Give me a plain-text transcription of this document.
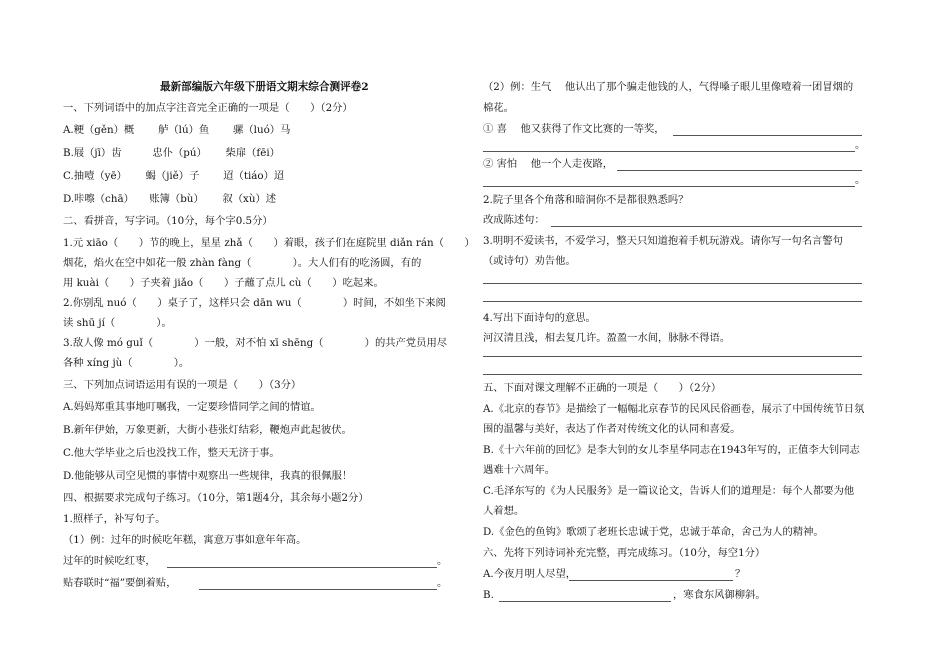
最新部编版六年级下册语文期末综合测评卷2
一、下列词语中的加点字注音完全正确的一项是（　　）（2分）
A.粳（gěn）概　　 舻（lú）鱼　　 骡（luó）马
B.屐（jī）齿　　　忠仆（pú）　　 柴扉（fēi）
C.抽噎（yē）　　 蝎（jiě）子　　 迢（tiáo）迢
D.咔嚓（chā）　　账簿（bù）　　 叙（xù）述
二、看拼音，写字词。（10分，每个字0.5分）
1.元 xiāo（　　）节的晚上，星星 zhǎ（　　）着眼，孩子们在庭院里 diǎn rán（　　）
烟花，焰火在空中如花一般 zhàn fàng（　　　　）。大人们有的吃汤圆，有的
用 kuài（　　）子夹着 jiǎo（　　）子蘸了点儿 cù（　　）吃起来。
2.你别乱 nuó（　　）桌子了，这样只会 dān wu（　　　　）时间，不如坐下来阅
读 shū jí（　　　　）。
3.敌人像 mó guǐ（　　　　）一般，对不怕 xī shēng（　　　　）的共产党员用尽
各种 xíng jù（　　　　）。
三、下列加点词语运用有误的一项是（　　）（3分）
A.妈妈郑重其事地叮嘱我，一定要珍惜同学之间的情谊。
B.新年伊始，万象更新，大街小巷张灯结彩，鞭炮声此起彼伏。
C.他大学毕业之后也没找工作，整天无济于事。
D.他能够从司空见惯的事情中观察出一些规律，我真的很佩服！
四、根据要求完成句子练习。（10分，第1题4分，其余每小题2分）
1.照样子，补写句子。
（1）例：过年的时候吃年糕，寓意万事如意年年高。
过年的时候吃红枣，	。
贴春联时“福”要倒着贴，	。
（2）例：生气　 他认出了那个骗走他钱的人，气得嗓子眼儿里像噎着一团冒烟的
棉花。
① 喜　 他又获得了作文比赛的一等奖，
。
② 害怕　 他一个人走夜路，
。
2.院子里各个角落和暗洞你不是都很熟悉吗？
改成陈述句：
3.明明不爱读书，不爱学习，整天只知道抱着手机玩游戏。请你写一句名言警句
（或诗句）劝告他。
4.写出下面诗句的意思。
河汉清且浅，相去复几许。盈盈一水间，脉脉不得语。
五、下面对课文理解不正确的一项是（　　）（2分）
A.《北京的春节》是描绘了一幅幅北京春节的民风民俗画卷，展示了中国传统节日氛
围的温馨与美好，表达了作者对传统文化的认同和喜爱。
B.《十六年前的回忆》是李大钊的女儿李星华同志在1943年写的，正值李大钊同志
遇难十六周年。
C.毛泽东写的《为人民服务》是一篇议论文，告诉人们的道理是：每个人都要为他
人着想。
D.《金色的鱼钩》歌颂了老班长忠诚于党，忠诚于革命，舍己为人的精神。
六、先将下列诗词补充完整，再完成练习。（10分，每空1分）
A.今夜月明人尽望，	？
B.	，寒食东风御柳斜。
